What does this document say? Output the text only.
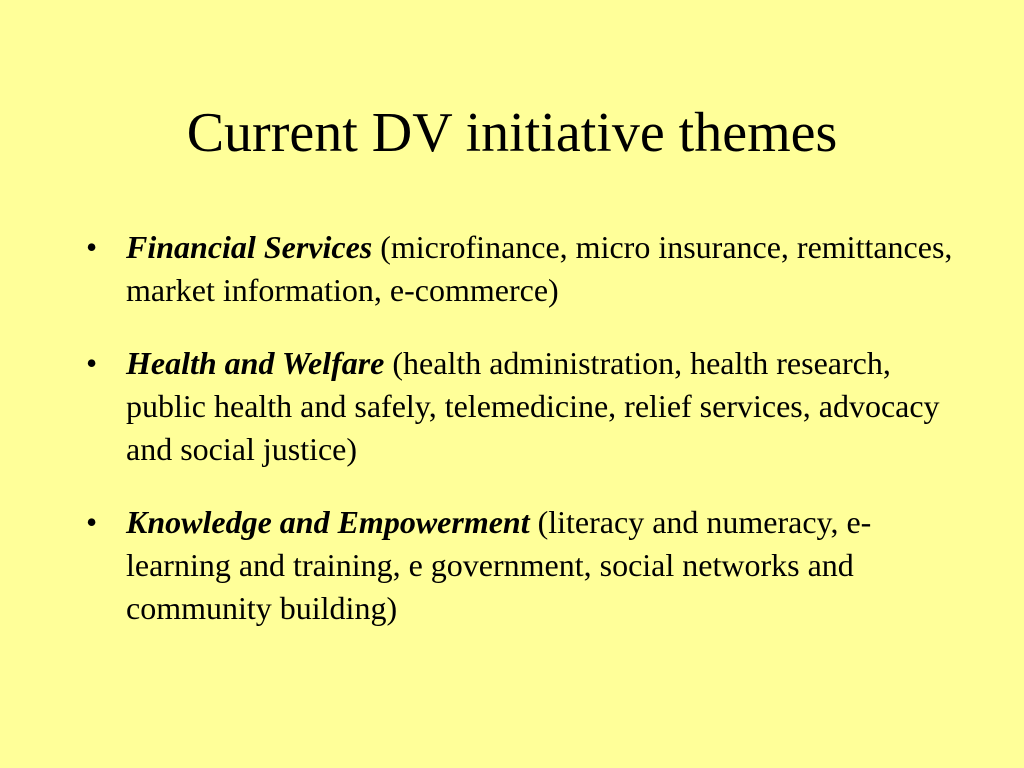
Current DV initiative themes
• Financial Services (microfinance, micro insurance, remittances, market information, e-commerce)
• Health and Welfare (health administration, health research, public health and safely, telemedicine, relief services, advocacy and social justice)
• Knowledge and Empowerment (literacy and numeracy, e-learning and training, e government, social networks and community building)
